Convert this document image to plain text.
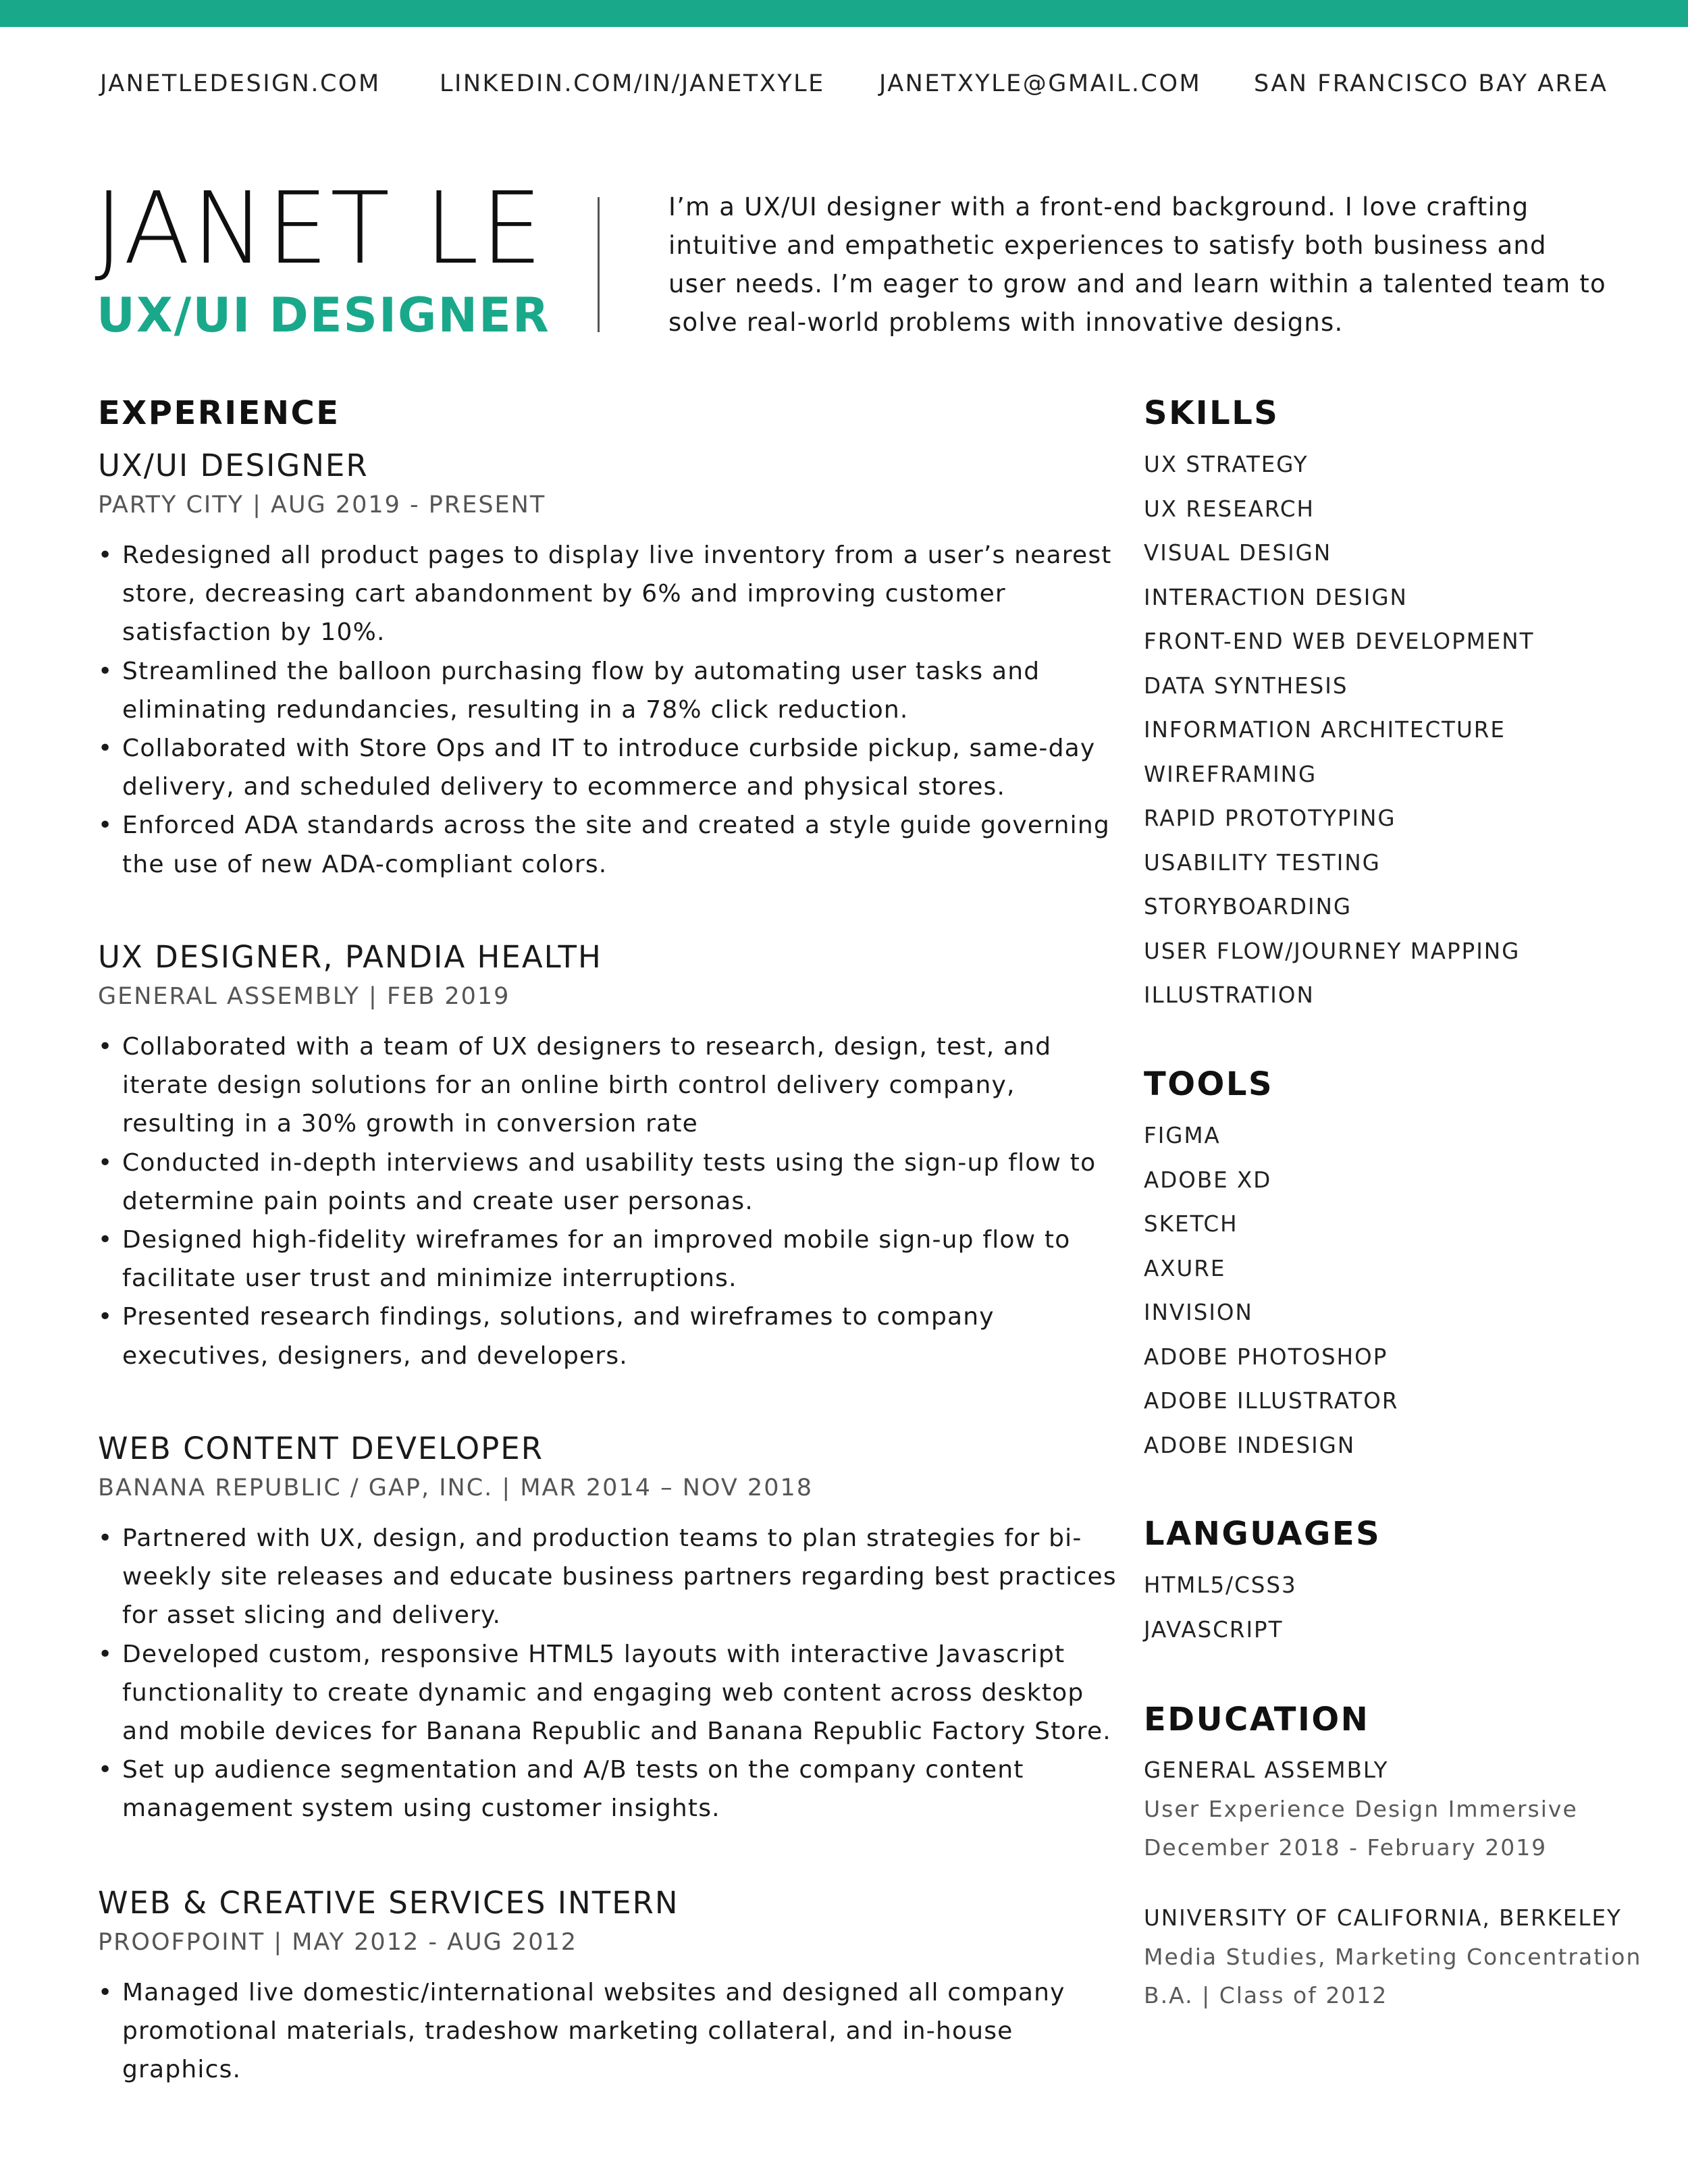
JANETLEDESIGN.COM LINKEDIN.COM/IN/JANETXYLE JANETXYLE@GMAIL.COM SAN FRANCISCO BAY AREA
JANET LE
UX/UI DESIGNER
I’m a UX/UI designer with a front-end background. I love crafting intuitive and empathetic experiences to satisfy both business and user needs. I’m eager to grow and and learn within a talented team to solve real-world problems with innovative designs.
EXPERIENCE
UX/UI DESIGNER
PARTY CITY | AUG 2019 - PRESENT
• Redesigned all product pages to display live inventory from a user’s nearest store, decreasing cart abandonment by 6% and improving customer satisfaction by 10%.
• Streamlined the balloon purchasing flow by automating user tasks and eliminating redundancies, resulting in a 78% click reduction.
• Collaborated with Store Ops and IT to introduce curbside pickup, same-day delivery, and scheduled delivery to ecommerce and physical stores.
• Enforced ADA standards across the site and created a style guide governing the use of new ADA-compliant colors.
UX DESIGNER, PANDIA HEALTH
GENERAL ASSEMBLY | FEB 2019
• Collaborated with a team of UX designers to research, design, test, and iterate design solutions for an online birth control delivery company, resulting in a 30% growth in conversion rate
• Conducted in-depth interviews and usability tests using the sign-up flow to determine pain points and create user personas.
• Designed high-fidelity wireframes for an improved mobile sign-up flow to facilitate user trust and minimize interruptions.
• Presented research findings, solutions, and wireframes to company executives, designers, and developers.
WEB CONTENT DEVELOPER
BANANA REPUBLIC / GAP, INC. | MAR 2014 – NOV 2018
• Partnered with UX, design, and production teams to plan strategies for bi-weekly site releases and educate business partners regarding best practices for asset slicing and delivery.
• Developed custom, responsive HTML5 layouts with interactive Javascript functionality to create dynamic and engaging web content across desktop and mobile devices for Banana Republic and Banana Republic Factory Store.
• Set up audience segmentation and A/B tests on the company content management system using customer insights.
WEB & CREATIVE SERVICES INTERN
PROOFPOINT | MAY 2012 - AUG 2012
• Managed live domestic/international websites and designed all company promotional materials, tradeshow marketing collateral, and in-house graphics.
SKILLS
UX STRATEGY
UX RESEARCH
VISUAL DESIGN
INTERACTION DESIGN
FRONT-END WEB DEVELOPMENT
DATA SYNTHESIS
INFORMATION ARCHITECTURE
WIREFRAMING
RAPID PROTOTYPING
USABILITY TESTING
STORYBOARDING
USER FLOW/JOURNEY MAPPING
ILLUSTRATION
TOOLS
FIGMA
ADOBE XD
SKETCH
AXURE
INVISION
ADOBE PHOTOSHOP
ADOBE ILLUSTRATOR
ADOBE INDESIGN
LANGUAGES
HTML5/CSS3
JAVASCRIPT
EDUCATION
GENERAL ASSEMBLY
User Experience Design Immersive
December 2018 - February 2019
UNIVERSITY OF CALIFORNIA, BERKELEY
Media Studies, Marketing Concentration
B.A. | Class of 2012
